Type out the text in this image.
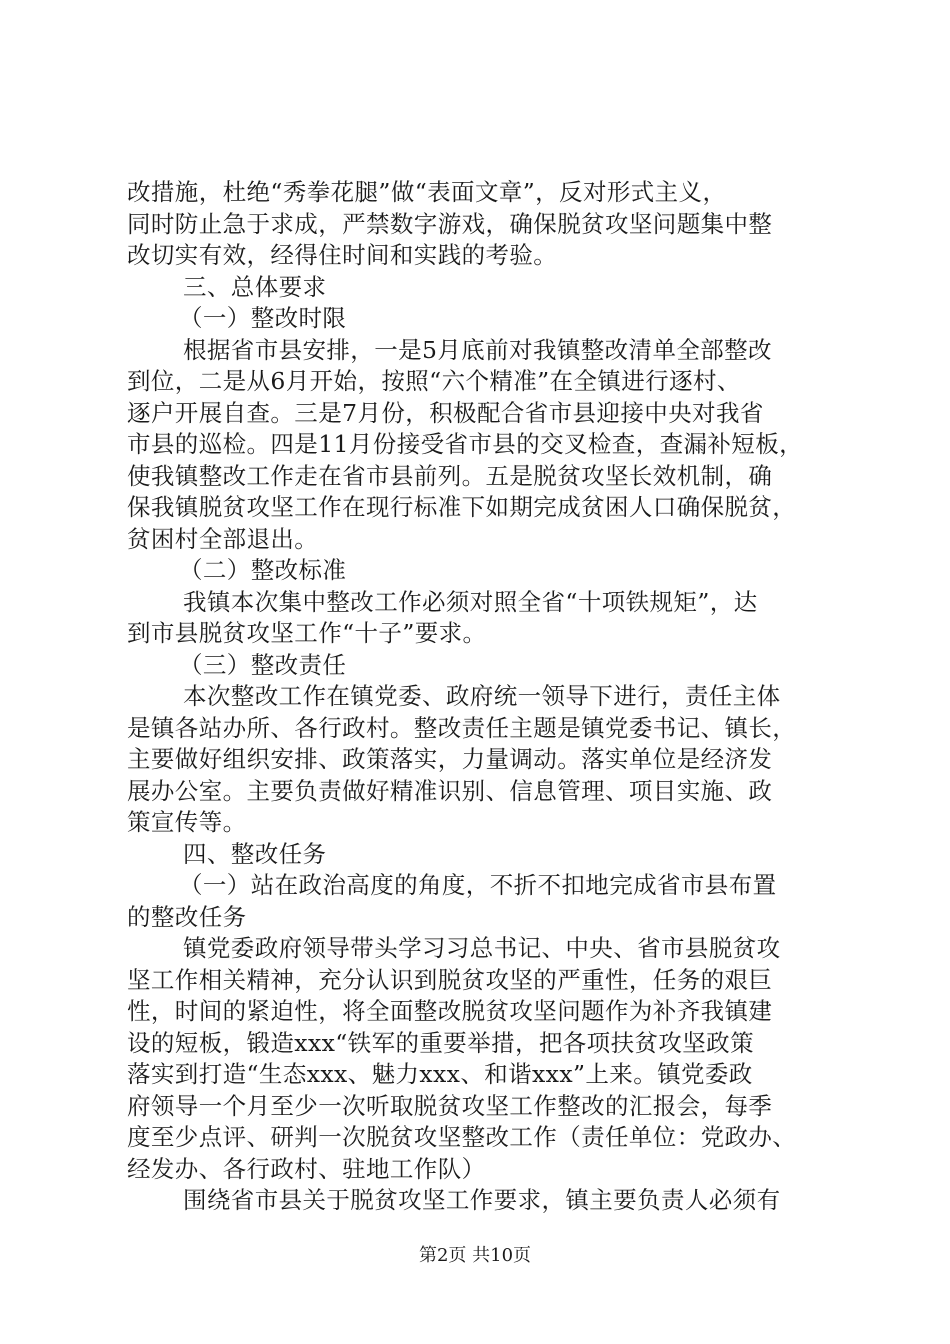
改措施，杜绝“秀拳花腿”做“表面文章”，反对形式主义，
同时防止急于求成，严禁数字游戏，确保脱贫攻坚问题集中整
改切实有效，经得住时间和实践的考验。
三、总体要求
（一）整改时限
根据省市县安排，一是5月底前对我镇整改清单全部整改
到位，二是从6月开始，按照“六个精准”在全镇进行逐村、
逐户开展自查。三是7月份，积极配合省市县迎接中央对我省
市县的巡检。四是11月份接受省市县的交叉检查，查漏补短板，
使我镇整改工作走在省市县前列。五是脱贫攻坚长效机制，确
保我镇脱贫攻坚工作在现行标准下如期完成贫困人口确保脱贫，
贫困村全部退出。
（二）整改标准
我镇本次集中整改工作必须对照全省“十项铁规矩”，达
到市县脱贫攻坚工作“十子”要求。
（三）整改责任
本次整改工作在镇党委、政府统一领导下进行，责任主体
是镇各站办所、各行政村。整改责任主题是镇党委书记、镇长，
主要做好组织安排、政策落实，力量调动。落实单位是经济发
展办公室。主要负责做好精准识别、信息管理、项目实施、政
策宣传等。
四、整改任务
（一）站在政治高度的角度，不折不扣地完成省市县布置
的整改任务
镇党委政府领导带头学习习总书记、中央、省市县脱贫攻
坚工作相关精神，充分认识到脱贫攻坚的严重性，任务的艰巨
性，时间的紧迫性，将全面整改脱贫攻坚问题作为补齐我镇建
设的短板，锻造xxx“铁军的重要举措，把各项扶贫攻坚政策
落实到打造“生态xxx、魅力xxx、和谐xxx”上来。镇党委政
府领导一个月至少一次听取脱贫攻坚工作整改的汇报会，每季
度至少点评、研判一次脱贫攻坚整改工作（责任单位：党政办、
经发办、各行政村、驻地工作队）
围绕省市县关于脱贫攻坚工作要求，镇主要负责人必须有
第2页 共10页
